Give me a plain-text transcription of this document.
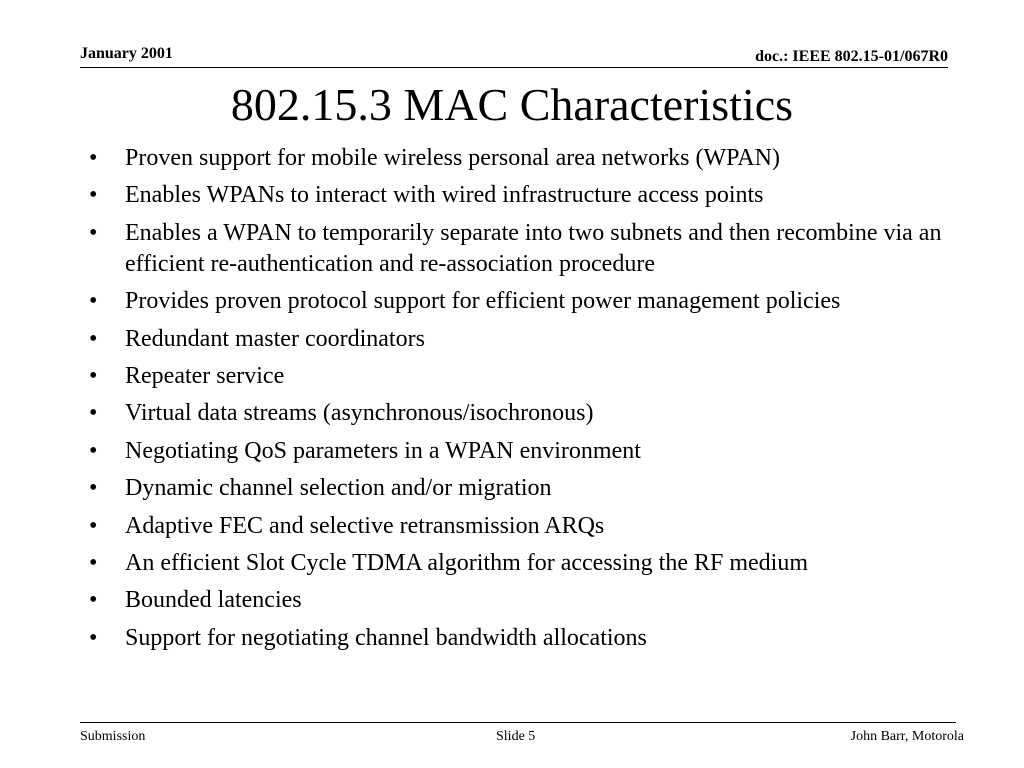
January 2001	doc.: IEEE 802.15-01/067R0
802.15.3 MAC Characteristics
• Proven support for mobile wireless personal area networks (WPAN)
• Enables WPANs to interact with wired infrastructure access points
• Enables a WPAN to temporarily separate into two subnets and then recombine via an efficient re-authentication and re-association procedure
• Provides proven protocol support for efficient power management policies
• Redundant master coordinators
• Repeater service
• Virtual data streams (asynchronous/isochronous)
• Negotiating QoS parameters in a WPAN environment
• Dynamic channel selection and/or migration
• Adaptive FEC and selective retransmission ARQs
• An efficient Slot Cycle TDMA algorithm for accessing the RF medium
• Bounded latencies
• Support for negotiating channel bandwidth allocations
Submission	Slide 5	John Barr, Motorola
